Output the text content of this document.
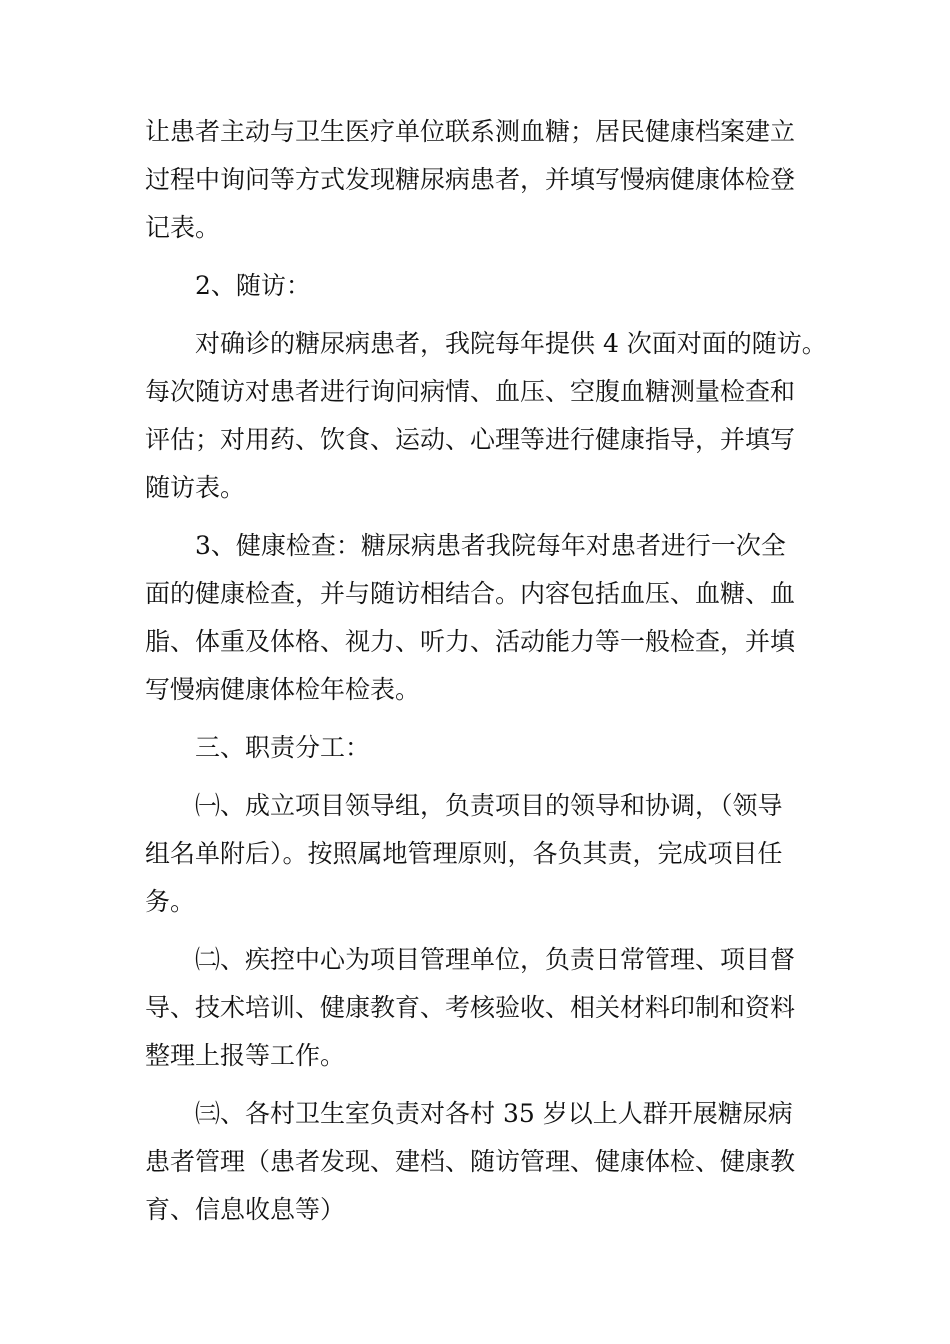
让患者主动与卫生医疗单位联系测血糖；居民健康档案建立
过程中询问等方式发现糖尿病患者，并填写慢病健康体检登
记表。
2、随访：
对确诊的糖尿病患者，我院每年提供 4 次面对面的随访。
每次随访对患者进行询问病情、血压、空腹血糖测量检查和
评估；对用药、饮食、运动、心理等进行健康指导，并填写
随访表。
3、健康检查：糖尿病患者我院每年对患者进行一次全
面的健康检查，并与随访相结合。内容包括血压、血糖、血
脂、体重及体格、视力、听力、活动能力等一般检查，并填
写慢病健康体检年检表。
三、职责分工：
㈠、成立项目领导组，负责项目的领导和协调，（领导
组名单附后）。按照属地管理原则，各负其责，完成项目任
务。
㈡、疾控中心为项目管理单位，负责日常管理、项目督
导、技术培训、健康教育、考核验收、相关材料印制和资料
整理上报等工作。
㈢、各村卫生室负责对各村 35 岁以上人群开展糖尿病
患者管理（患者发现、建档、随访管理、健康体检、健康教
育、信息收息等）
